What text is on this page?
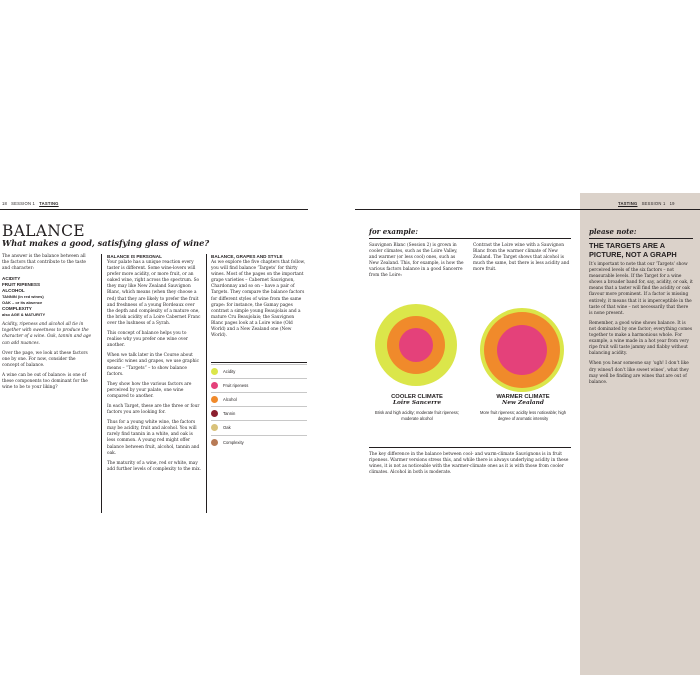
18 SESSION 1 TASTING
BALANCE
What makes a good, satisfying glass of wine?

The answer is the balance between all the factors that contribute to the taste and character:

ACIDITY
FRUIT RIPENESS
ALCOHOL
TANNIN (in red wines)
OAK – or its absence
COMPLEXITY
also AGE & MATURITY

Acidity, ripeness and alcohol all tie in together with sweetness to produce the character of a wine. Oak, tannin and age can add nuances.

Over the page, we look at these factors one by one. For now, consider the concept of balance.

A wine can be out of balance: is one of these components too dominant for the wine to be to your liking?

BALANCE IS PERSONAL

Your palate has a unique reaction every taster is different. Some wine-lovers will prefer more acidity, or more fruit, or an oaked wine, right across the spectrum. So they may like New Zealand Sauvignon Blanc, which means (when they choose a red) that they are likely to prefer the fruit and freshness of a young Bordeaux over the depth and complexity of a mature one, the brisk acidity of a Loire Cabernet Franc over the lushness of a Syrah.

This concept of balance helps you to realise why you prefer one wine over another.

When we talk later in the Course about specific wines and grapes, we use graphic means – “Targets” – to show balance factors.

They show how the various factors are perceived by your palate, one wine compared to another.

In each Target, these are the three or four factors you are looking for.

Thus for a young white wine, the factors may be acidity, fruit and alcohol. You will rarely find tannin in a white, and oak is less common. A young red might offer balance between fruit, alcohol, tannin and oak.

The maturity of a wine, red or white, may add further levels of complexity to the mix.

BALANCE, GRAPES AND STYLE

As we explore the five chapters that follow, you will find balance ‘Targets’ for thirty wines. Most of the pages on the important grape varieties – Cabernet Sauvignon, Chardonnay and so on – have a pair of Targets. They compare the balance factors for different styles of wine from the same grape: for instance, the Gamay pages contrast a simple young Beaujolais and a mature Cru Beaujolais; the Sauvignon Blanc pages look at a Loire wine (Old World) and a New Zealand one (New World).

Acidity
Fruit ripeness
Alcohol
Tannin
Oak
Complexity
TASTING SESSION 1 19
for example:
Sauvignon Blanc (Session 2) is grown in cooler climates, such as the Loire Valley, and warmer (or less cool) ones, such as New Zealand. This, for example, is how the various factors balance in a good Sancerre from the Loire:
Contrast the Loire wine with a Sauvignon Blanc from the warmer climate of New Zealand. The Target shows that alcohol is much the same, but there is less acidity and more fruit.
COOLER CLIMATE
Loire Sancerre
Brisk and high acidity; moderate fruit ripeness; moderate alcohol
WARMER CLIMATE
New Zealand
More fruit ripeness; acidity less noticeable; high degree of aromatic intensity
The key difference in the balance between cool- and warm-climate Sauvignons is in fruit ripeness. Warmer versions stress this, and while there is always underlying acidity in these wines, it is not as noticeable with the warmer-climate ones as it is with those from cooler climates. Alcohol in both is moderate.
please note:
THE TARGETS ARE A PICTURE, NOT A GRAPH

It’s important to note that our ‘Targets’ show perceived levels of the six factors – not measurable levels. If the Target for a wine shows a broader band for, say, acidity, or oak, it means that a taster will find the acidity or oak flavour more prominent. If a factor is missing entirely, it means that it is imperceptible in the taste of that wine – not necessarily that there is none present.

Remember, a good wine shows balance. It is not dominated by one factor; everything comes together to make a harmonious whole. For example, a wine made in a hot year from very ripe fruit will taste jammy and flabby without balancing acidity.

When you hear someone say ‘ugh! I don’t like dry wines/I don’t like sweet wines’, what they may well be finding are wines that are out of balance.
